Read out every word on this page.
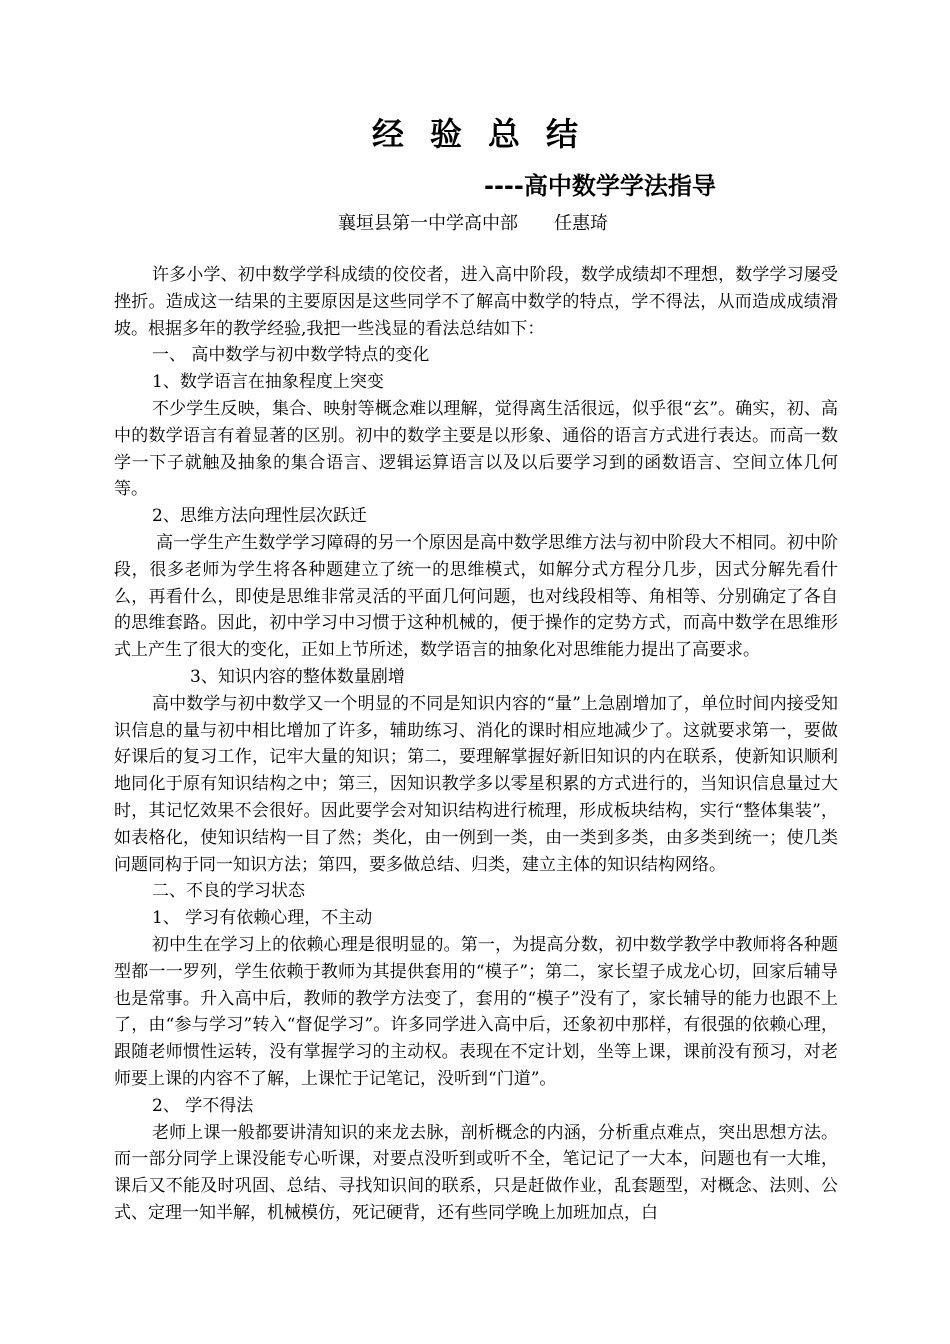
经验总结
----高中数学学法指导
襄垣县第一中学高中部 任惠琦

许多小学、初中数学学科成绩的佼佼者，进入高中阶段，数学成绩却不理想，数学学习屡受挫折。造成这一结果的主要原因是这些同学不了解高中数学的特点，学不得法，从而造成成绩滑坡。根据多年的教学经验,我把一些浅显的看法总结如下：

一、 高中数学与初中数学特点的变化

1、数学语言在抽象程度上突变

不少学生反映，集合、映射等概念难以理解，觉得离生活很远，似乎很“玄”。确实，初、高中的数学语言有着显著的区别。初中的数学主要是以形象、通俗的语言方式进行表达。而高一数学一下子就触及抽象的集合语言、逻辑运算语言以及以后要学习到的函数语言、空间立体几何等。

2、思维方法向理性层次跃迁

高一学生产生数学学习障碍的另一个原因是高中数学思维方法与初中阶段大不相同。初中阶段，很多老师为学生将各种题建立了统一的思维模式，如解分式方程分几步，因式分解先看什么，再看什么，即使是思维非常灵活的平面几何问题，也对线段相等、角相等、分别确定了各自的思维套路。因此，初中学习中习惯于这种机械的，便于操作的定势方式，而高中数学在思维形式上产生了很大的变化，正如上节所述，数学语言的抽象化对思维能力提出了高要求。

3、知识内容的整体数量剧增

高中数学与初中数学又一个明显的不同是知识内容的“量”上急剧增加了，单位时间内接受知识信息的量与初中相比增加了许多，辅助练习、消化的课时相应地减少了。这就要求第一，要做好课后的复习工作，记牢大量的知识；第二，要理解掌握好新旧知识的内在联系，使新知识顺利地同化于原有知识结构之中；第三，因知识教学多以零星积累的方式进行的，当知识信息量过大时，其记忆效果不会很好。因此要学会对知识结构进行梳理，形成板块结构，实行“整体集装”，如表格化，使知识结构一目了然；类化，由一例到一类，由一类到多类，由多类到统一；使几类问题同构于同一知识方法；第四，要多做总结、归类，建立主体的知识结构网络。

二、不良的学习状态

1、 学习有依赖心理，不主动

初中生在学习上的依赖心理是很明显的。第一，为提高分数，初中数学教学中教师将各种题型都一一罗列，学生依赖于教师为其提供套用的“模子”；第二，家长望子成龙心切，回家后辅导也是常事。升入高中后，教师的教学方法变了，套用的“模子”没有了，家长辅导的能力也跟不上了，由“参与学习”转入“督促学习”。许多同学进入高中后，还象初中那样，有很强的依赖心理，跟随老师惯性运转，没有掌握学习的主动权。表现在不定计划，坐等上课，课前没有预习，对老师要上课的内容不了解，上课忙于记笔记，没听到“门道”。

2、 学不得法

老师上课一般都要讲清知识的来龙去脉，剖析概念的内涵，分析重点难点，突出思想方法。而一部分同学上课没能专心听课，对要点没听到或听不全，笔记记了一大本，问题也有一大堆，课后又不能及时巩固、总结、寻找知识间的联系，只是赶做作业，乱套题型，对概念、法则、公式、定理一知半解，机械模仿，死记硬背，还有些同学晚上加班加点，白
